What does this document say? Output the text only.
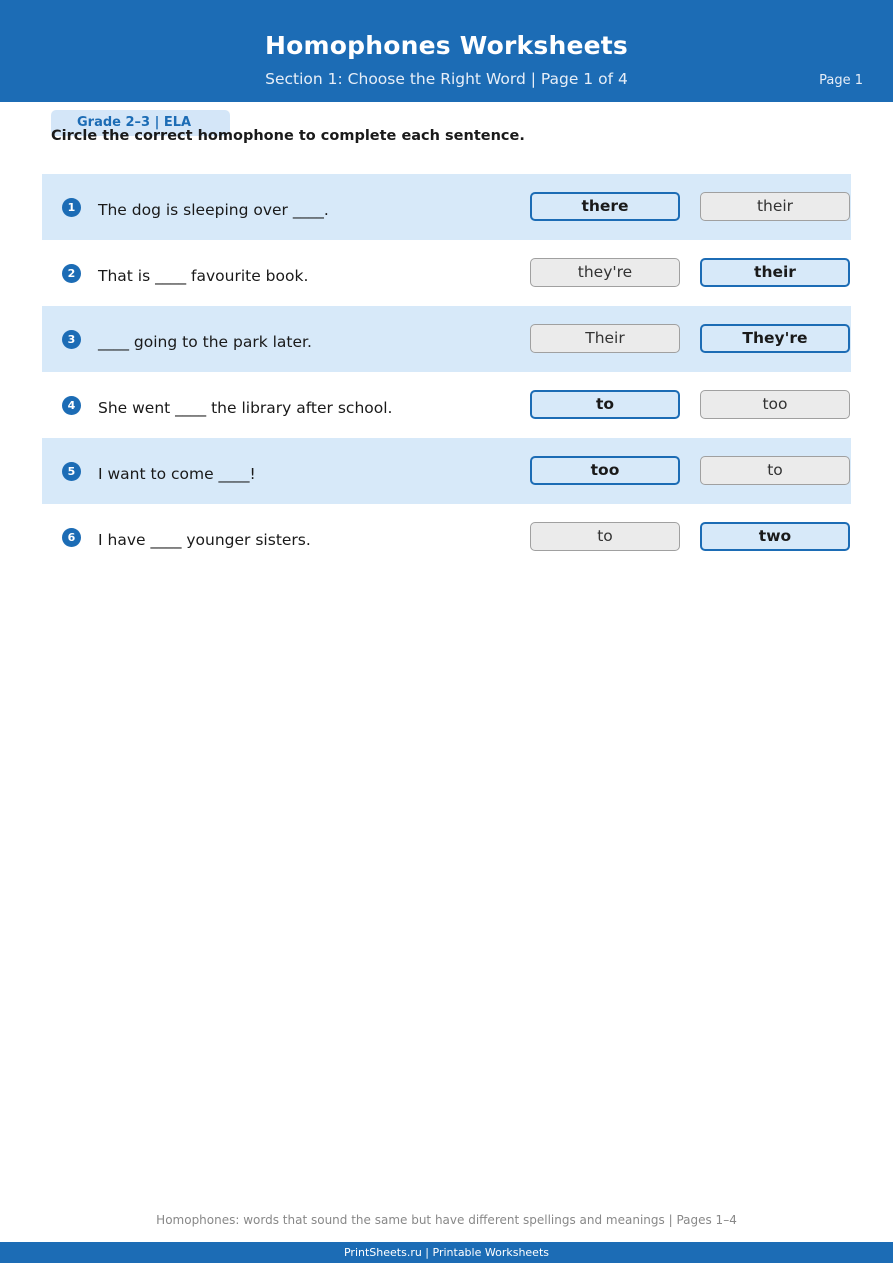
Homophones Worksheets
Section 1: Choose the Right Word | Page 1 of 4	Page 1
Grade 2–3 | ELA
Circle the correct homophone to complete each sentence.
1	The dog is sleeping over ____.	there	their
2	That is ____ favourite book.	they're	their
3	____ going to the park later.	Their	They're
4	She went ____ the library after school.	to	too
5	I want to come ____!	too	to
6	I have ____ younger sisters.	to	two
Homophones: words that sound the same but have different spellings and meanings | Pages 1–4
PrintSheets.ru | Printable Worksheets
